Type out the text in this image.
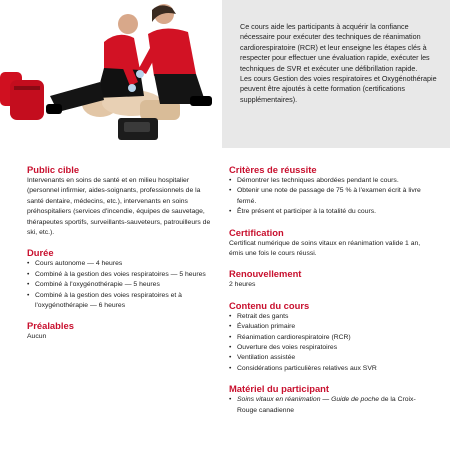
Ce cours aide les participants à acquérir la confiance nécessaire pour exécuter des techniques de réanimation cardiorespiratoire (RCR) et leur enseigne les étapes clés à respecter pour effectuer une évaluation rapide, exécuter les techniques de SVR et exécuter une défibrillation rapide.

Les cours Gestion des voies respiratoires et Oxygénothérapie peuvent être ajoutés à cette formation (certifications supplémentaires).

Public cible

Intervenants en soins de santé et en milieu hospitalier (personnel infirmier, aides-soignants, professionnels de la santé dentaire, médecins, etc.), intervenants en soins préhospitaliers (services d'incendie, équipes de sauvetage, thérapeutes sportifs, surveillants-sauveteurs, patrouilleurs de ski, etc.).

Durée
• Cours autonome — 4 heures
• Combiné à la gestion des voies respiratoires — 5 heures
• Combiné à l'oxygénothérapie — 5 heures
• Combiné à la gestion des voies respiratoires et à l'oxygénothérapie — 6 heures
Préalables

Aucun

Critères de réussite
• Démontrer les techniques abordées pendant le cours.
• Obtenir une note de passage de 75 % à l'examen écrit à livre fermé.
• Être présent et participer à la totalité du cours.
Certification

Certificat numérique de soins vitaux en réanimation valide 1 an, émis une fois le cours réussi.

Renouvellement

2 heures

Contenu du cours
• Retrait des gants
• Évaluation primaire
• Réanimation cardiorespiratoire (RCR)
• Ouverture des voies respiratoires
• Ventilation assistée
• Considérations particulières relatives aux SVR
Matériel du participant
• Soins vitaux en réanimation — Guide de poche de la Croix-Rouge canadienne
